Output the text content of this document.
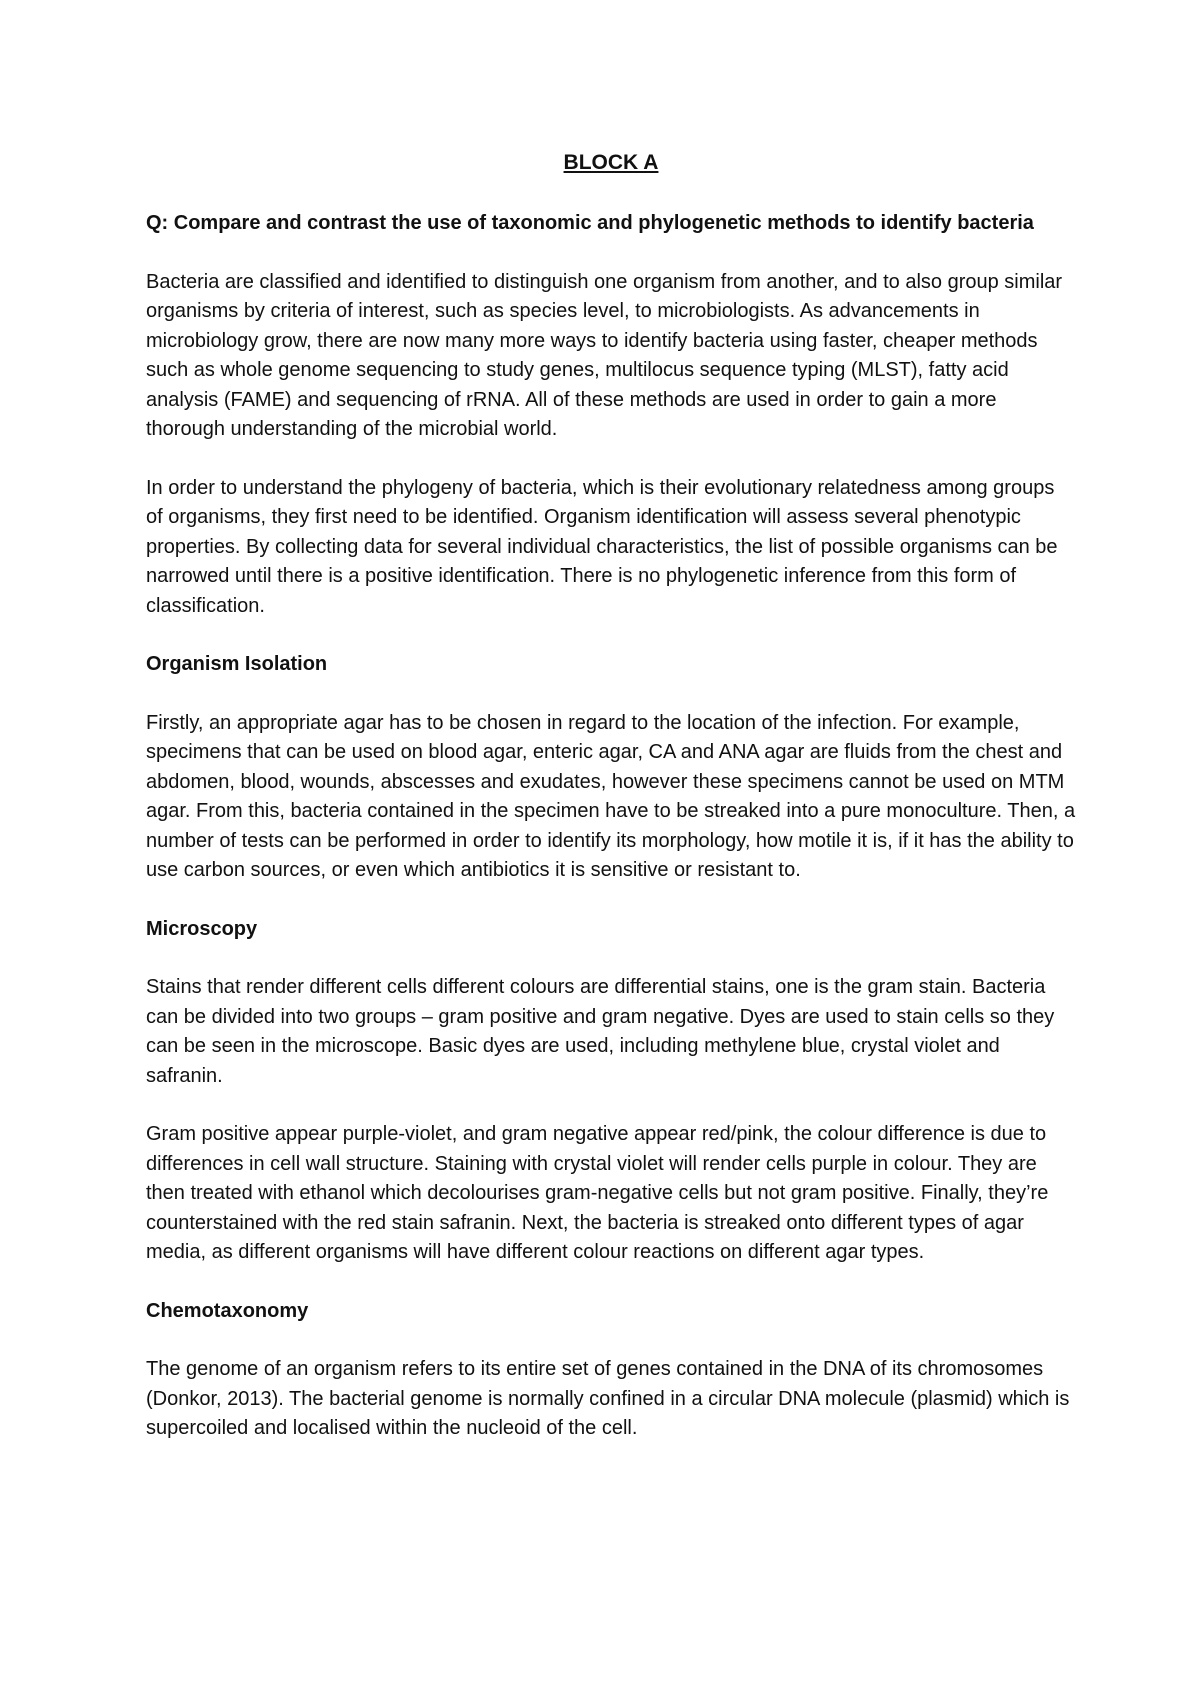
BLOCK A
Q: Compare and contrast the use of taxonomic and phylogenetic methods to identify bacteria

Bacteria are classified and identified to distinguish one organism from another, and to also group similar organisms by criteria of interest, such as species level, to microbiologists. As advancements in microbiology grow, there are now many more ways to identify bacteria using faster, cheaper methods such as whole genome sequencing to study genes, multilocus sequence typing (MLST), fatty acid analysis (FAME) and sequencing of rRNA. All of these methods are used in order to gain a more thorough understanding of the microbial world.

In order to understand the phylogeny of bacteria, which is their evolutionary relatedness among groups of organisms, they first need to be identified. Organism identification will assess several phenotypic properties. By collecting data for several individual characteristics, the list of possible organisms can be narrowed until there is a positive identification. There is no phylogenetic inference from this form of classification.

Organism Isolation

Firstly, an appropriate agar has to be chosen in regard to the location of the infection. For example, specimens that can be used on blood agar, enteric agar, CA and ANA agar are fluids from the chest and abdomen, blood, wounds, abscesses and exudates, however these specimens cannot be used on MTM agar. From this, bacteria contained in the specimen have to be streaked into a pure monoculture. Then, a number of tests can be performed in order to identify its morphology, how motile it is, if it has the ability to use carbon sources, or even which antibiotics it is sensitive or resistant to.

Microscopy

Stains that render different cells different colours are differential stains, one is the gram stain. Bacteria can be divided into two groups – gram positive and gram negative. Dyes are used to stain cells so they can be seen in the microscope. Basic dyes are used, including methylene blue, crystal violet and safranin.

Gram positive appear purple-violet, and gram negative appear red/pink, the colour difference is due to differences in cell wall structure. Staining with crystal violet will render cells purple in colour. They are then treated with ethanol which decolourises gram-negative cells but not gram positive. Finally, they’re counterstained with the red stain safranin. Next, the bacteria is streaked onto different types of agar media, as different organisms will have different colour reactions on different agar types.

Chemotaxonomy

The genome of an organism refers to its entire set of genes contained in the DNA of its chromosomes (Donkor, 2013). The bacterial genome is normally confined in a circular DNA molecule (plasmid) which is supercoiled and localised within the nucleoid of the cell.
